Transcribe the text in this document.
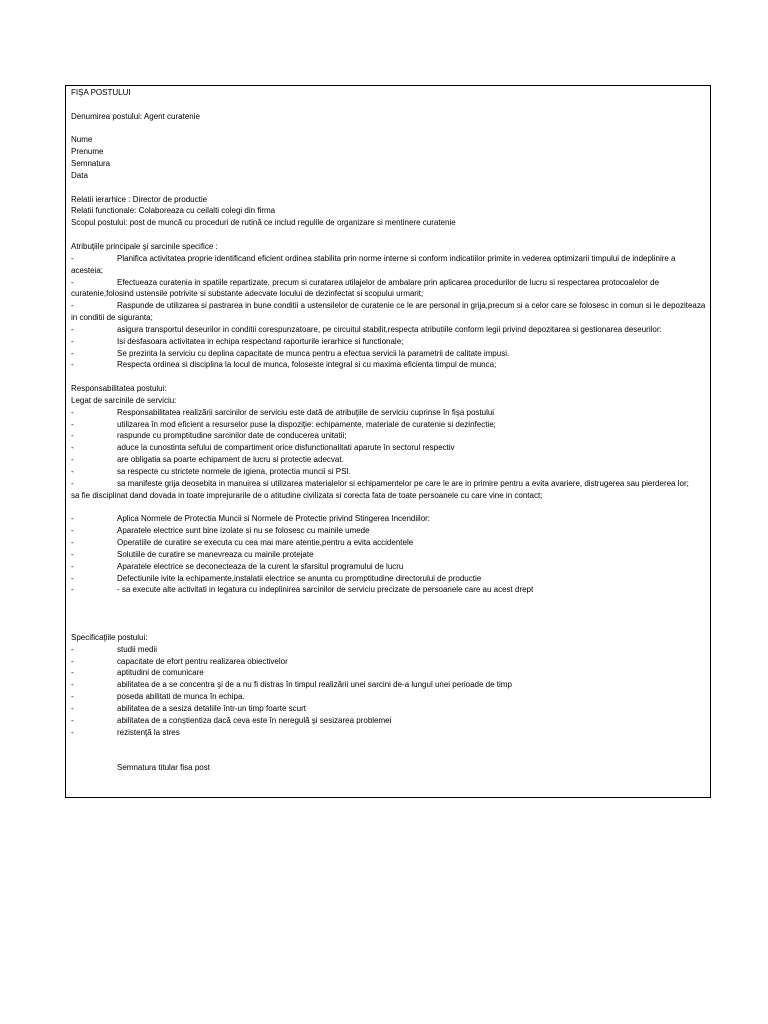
FIŞA POSTULUI
Denumirea postului: Agent curatenie
Nume
Prenume
Semnatura
Data
Relatii ierarhice : Director de productie
Relatii functionale: Colaboreaza cu ceilalti colegi din firma
Scopul postului: post de muncă cu proceduri de rutină ce includ regulile de organizare si mentinere curatenie
Atribuţiile principale şi sarcinile specifice :
-	Planifica activitatea proprie identificand eficient ordinea stabilita prin norme interne si conform indicatiilor primite in vederea optimizarii timpului de indeplinire a acesteia;
-	Efectueaza curatenia in spatiile repartizate, precum si curatarea utilajelor de ambalare prin aplicarea procedurilor de lucru si respectarea protocoalelor de curatenie,folosind ustensile potrivite si substante adecvate locului de dezinfectat si scopului urmarit;
-	Raspunde de utilizarea si pastrarea in bune conditii a ustensilelor de curatenie ce le are personal in grija,precum si a celor care se folosesc in comun si le depoziteaza in conditii de siguranta;
-	asigura transportul deseurilor in conditii corespunzatoare, pe circuitul stabilit,respecta atributiile conform legii privind depozitarea si gestionarea deseurilor:
-	Isi desfasoara activitatea in echipa respectand raporturile ierarhice si functionale;
-	Se prezinta la serviciu cu deplina capacitate de munca pentru a efectua servicii la parametrii de calitate impusi.
-	Respecta ordinea si disciplina la locul de munca, foloseste integral si cu maxima eficienta timpul de munca;
Responsabilitatea postului:
Legat de sarcinile de serviciu:
-	Responsabilitatea realizării sarcinilor de serviciu este dată de atribuţiile de serviciu cuprinse în fişa postului
-	utilizarea în mod eficient a resurselor puse la dispoziţie: echipamente, materiale de curatenie si dezinfectie;
-	raspunde cu promptitudine sarcinilor date de conducerea unitatii;
-	aduce la cunostinta sefului de compartiment orice disfunctionalitati aparute în sectorul respectiv
-	are obligatia sa poarte echipament de lucru si protectie adecvat.
-	sa respecte cu strictete normele de igiena, protectia muncii si PSI.
-	sa manifeste grija deosebita in manuirea si utilizarea materialelor si echipamentelor pe care le are in primire pentru a evita avariere, distrugerea sau pierderea lor;
sa fie disciplinat dand dovada in toate imprejurarile de o atitudine civilizata si corecta fata de toate persoanele cu care vine in contact;
-	Aplica Normele de Protectia Muncii si Normele de Protectie privind Stingerea Incendiilor:
-	Aparatele electrice sunt bine izolate si nu se folosesc cu mainile umede
-	Operatiile de curatire se executa cu cea mai mare atentie,pentru a evita accidentele
-	Solutiile de curatire se manevreaza cu mainile protejate
-	Aparatele electrice se deconecteaza de la curent la sfarsitul programului de lucru
-	Defectiunile ivite la echipamente,instalatii electrice se anunta cu promptitudine directorului de productie
-	- sa execute alte activitati in legatura cu indeplinirea sarcinilor de serviciu precizate de persoanele care au acest drept
Specificaţiile postului:
-	studii medii
-	capacitate de efort pentru realizarea obiectivelor
-	aptitudini de comunicare
-	abilitatea de a se concentra şi de a nu fi distras în timpul realizării unei sarcini de-a lungul unei perioade de timp
-	poseda abilitati de munca în echipa.
-	abilitatea de a sesiza detaliile într-un timp foarte scurt
-	abilitatea de a conştientiza dacă ceva este în neregulă şi sesizarea problemei
-	rezistenţă la stres
Semnatura titular fisa post
